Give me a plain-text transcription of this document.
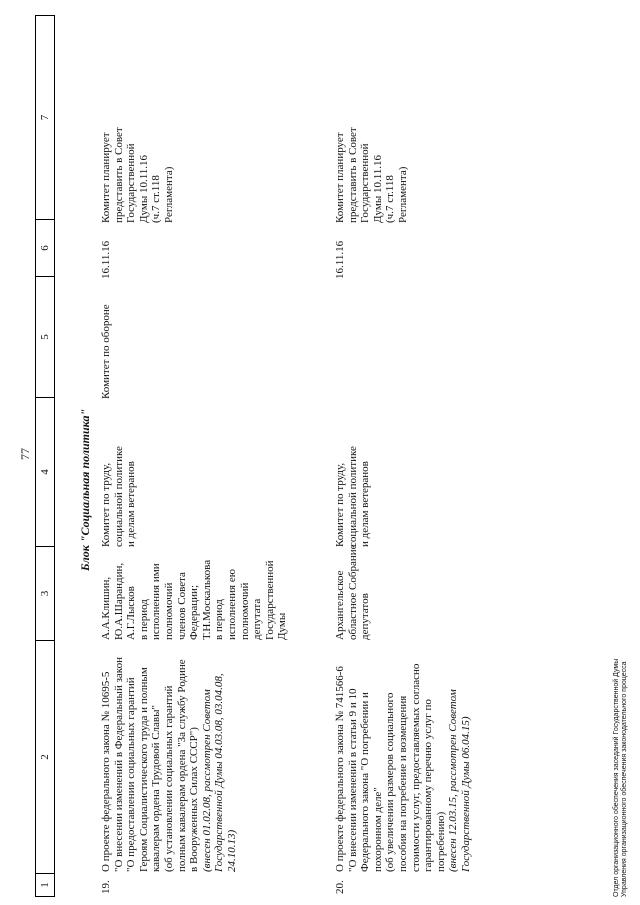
77
1
2
3
4
5
6
7
Блок "Социальная политика"
19.
О проекте федерального закона № 10695-5 "О внесении изменений в Федеральный закон "О предоставлении социальных гарантий Героям Социалистического труда и полным кавалерам ордена Трудовой Славы" (об установлении социальных гарантий полным кавалерам ордена "За службу Родине в Вооруженных Силах СССР") (внесен 01.02.08, рассмотрен Советом Государственной Думы 04.03.08, 03.04.08, 24.10.13)
А.А.Клишин, Ю.А.Шарандин, А.Г.Лысков в период исполнения ими полномочий членов Совета Федерации; Т.Н.Москалькова в период исполнения ею полномочий депутата Государственной Думы
Комитет по труду, социальной политике и делам ветеранов
Комитет по обороне
16.11.16
Комитет планирует представить в Совет Государственной Думы 10.11.16 (ч.7 ст.118 Регламента)
20.
О проекте федерального закона № 741566-6 "О внесении изменений в статьи 9 и 10 Федерального закона "О погребении и похоронном деле" (об увеличении размеров социального пособия на погребение и возмещения стоимости услуг, предоставляемых согласно гарантированному перечню услуг по погребению) (внесен 12.03.15, рассмотрен Советом Государственной Думы 06.04.15)
Архангельское областное Собрание депутатов
Комитет по труду, социальной политике и делам ветеранов
16.11.16
Комитет планирует представить в Совет Государственной Думы 10.11.16 (ч.7 ст.118 Регламента)
Отдел организационного обеспечения заседаний Государственной Думы Управления организационного обеспечения законодательного процесса
